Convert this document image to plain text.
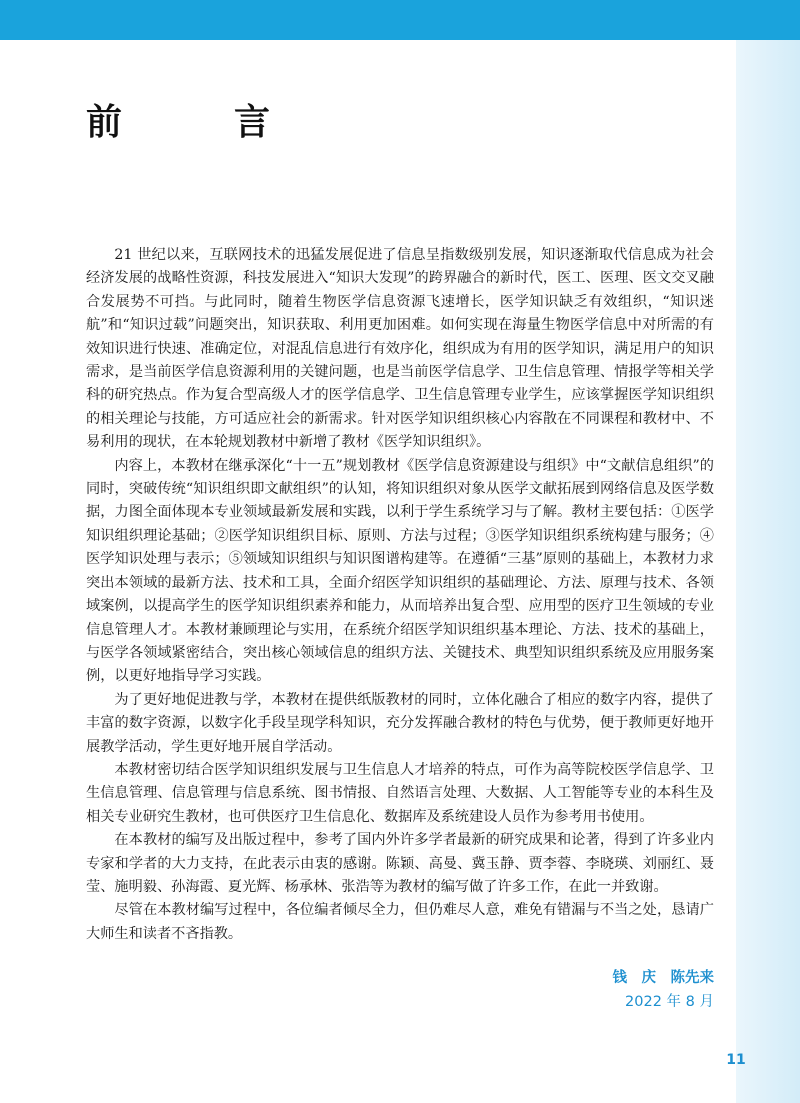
前　言

21 世纪以来，互联网技术的迅猛发展促进了信息呈指数级别发展，知识逐渐取代信息成为社会经济发展的战略性资源，科技发展进入“知识大发现”的跨界融合的新时代，医工、医理、医文交叉融合发展势不可挡。与此同时，随着生物医学信息资源飞速增长，医学知识缺乏有效组织，“知识迷航”和“知识过载”问题突出，知识获取、利用更加困难。如何实现在海量生物医学信息中对所需的有效知识进行快速、准确定位，对混乱信息进行有效序化，组织成为有用的医学知识，满足用户的知识需求，是当前医学信息资源利用的关键问题，也是当前医学信息学、卫生信息管理、情报学等相关学科的研究热点。作为复合型高级人才的医学信息学、卫生信息管理专业学生，应该掌握医学知识组织的相关理论与技能，方可适应社会的新需求。针对医学知识组织核心内容散在不同课程和教材中、不易利用的现状，在本轮规划教材中新增了教材《医学知识组织》。

内容上，本教材在继承深化“十一五”规划教材《医学信息资源建设与组织》中“文献信息组织”的同时，突破传统“知识组织即文献组织”的认知，将知识组织对象从医学文献拓展到网络信息及医学数据，力图全面体现本专业领域最新发展和实践，以利于学生系统学习与了解。教材主要包括：①医学知识组织理论基础；②医学知识组织目标、原则、方法与过程；③医学知识组织系统构建与服务；④医学知识处理与表示；⑤领域知识组织与知识图谱构建等。在遵循“三基”原则的基础上，本教材力求突出本领域的最新方法、技术和工具，全面介绍医学知识组织的基础理论、方法、原理与技术、各领域案例，以提高学生的医学知识组织素养和能力，从而培养出复合型、应用型的医疗卫生领域的专业信息管理人才。本教材兼顾理论与实用，在系统介绍医学知识组织基本理论、方法、技术的基础上，与医学各领域紧密结合，突出核心领域信息的组织方法、关键技术、典型知识组织系统及应用服务案例，以更好地指导学习实践。

为了更好地促进教与学，本教材在提供纸版教材的同时，立体化融合了相应的数字内容，提供了丰富的数字资源，以数字化手段呈现学科知识，充分发挥融合教材的特色与优势，便于教师更好地开展教学活动，学生更好地开展自学活动。

本教材密切结合医学知识组织发展与卫生信息人才培养的特点，可作为高等院校医学信息学、卫生信息管理、信息管理与信息系统、图书情报、自然语言处理、大数据、人工智能等专业的本科生及相关专业研究生教材，也可供医疗卫生信息化、数据库及系统建设人员作为参考用书使用。

在本教材的编写及出版过程中，参考了国内外许多学者最新的研究成果和论著，得到了许多业内专家和学者的大力支持，在此表示由衷的感谢。陈颖、高曼、冀玉静、贾李蓉、李晓瑛、刘丽红、聂莹、施明毅、孙海霞、夏光辉、杨承林、张浩等为教材的编写做了许多工作，在此一并致谢。

尽管在本教材编写过程中，各位编者倾尽全力，但仍难尽人意，难免有错漏与不当之处，恳请广大师生和读者不吝指教。

钱　庆　陈先来
2022 年 8 月
11
